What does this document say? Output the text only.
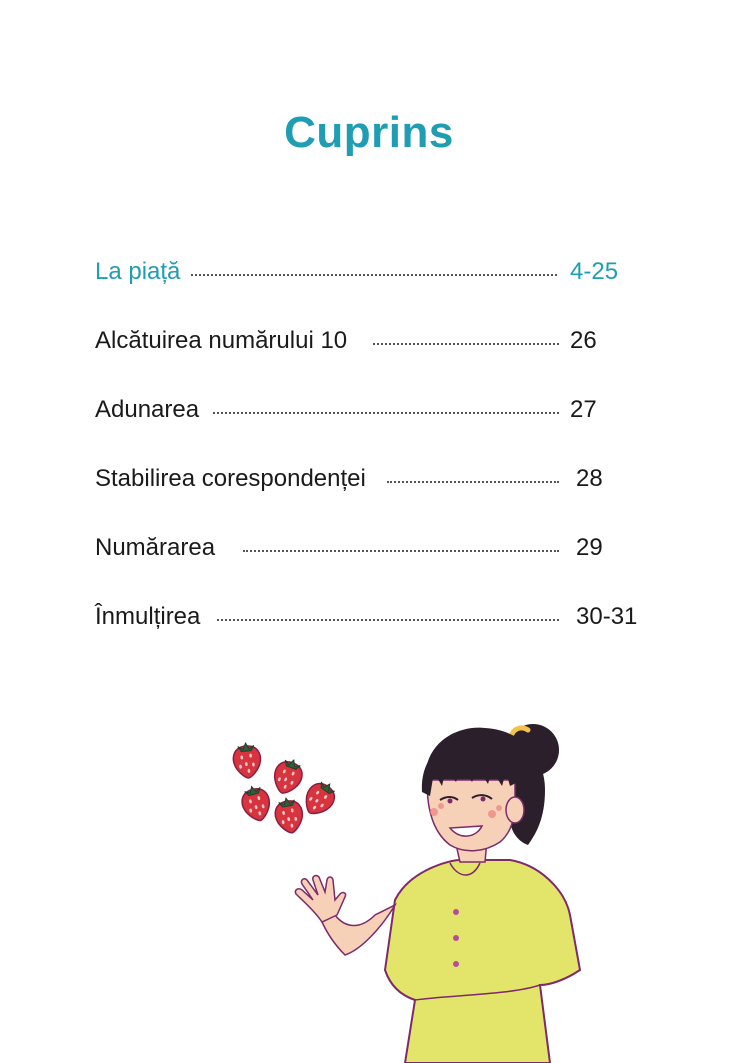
Cuprins
La piață	4-25
Alcătuirea numărului 10	26
Adunarea	27
Stabilirea corespondenței	28
Numărarea	29
Înmulțirea	30-31
